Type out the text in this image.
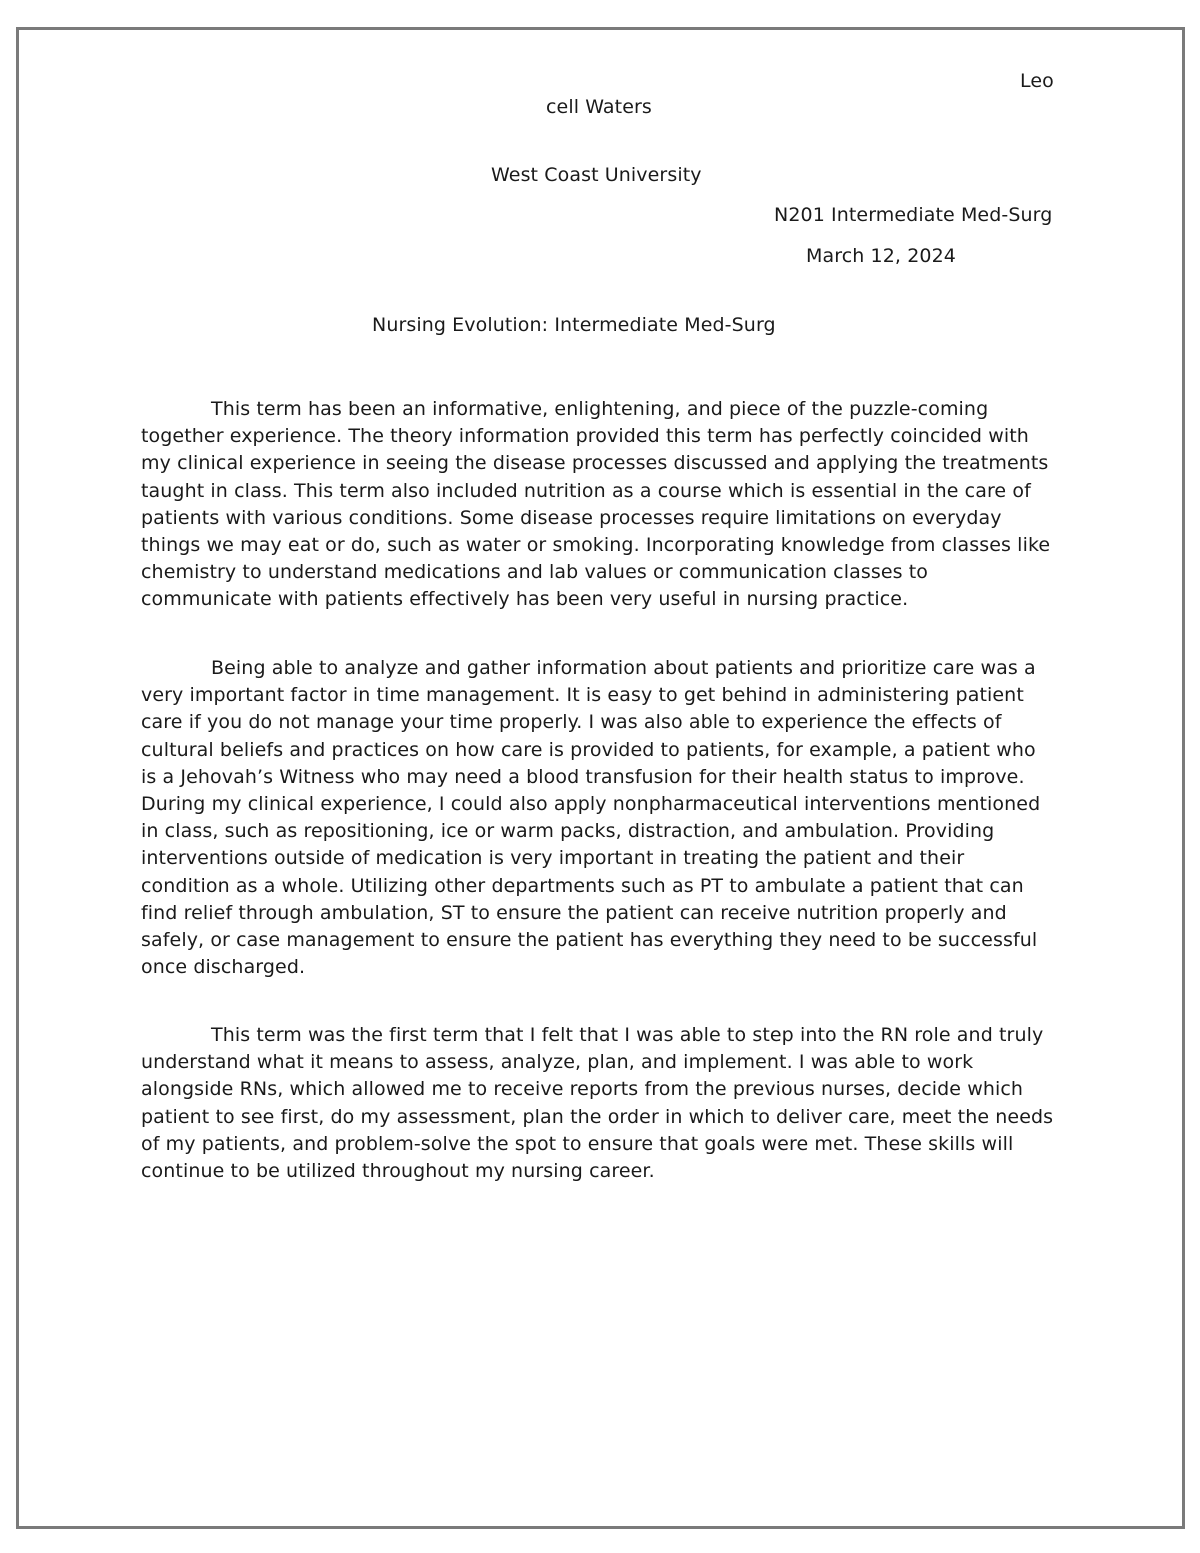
Leo
cell Waters
West Coast University
N201 Intermediate Med-Surg
March 12, 2024
Nursing Evolution: Intermediate Med-Surg

This term has been an informative, enlightening, and piece of the puzzle-coming together experience. The theory information provided this term has perfectly coincided with my clinical experience in seeing the disease processes discussed and applying the treatments taught in class. This term also included nutrition as a course which is essential in the care of patients with various conditions. Some disease processes require limitations on everyday things we may eat or do, such as water or smoking. Incorporating knowledge from classes like chemistry to understand medications and lab values or communication classes to communicate with patients effectively has been very useful in nursing practice.

Being able to analyze and gather information about patients and prioritize care was a very important factor in time management. It is easy to get behind in administering patient care if you do not manage your time properly. I was also able to experience the effects of cultural beliefs and practices on how care is provided to patients, for example, a patient who is a Jehovah’s Witness who may need a blood transfusion for their health status to improve. During my clinical experience, I could also apply nonpharmaceutical interventions mentioned in class, such as repositioning, ice or warm packs, distraction, and ambulation. Providing interventions outside of medication is very important in treating the patient and their condition as a whole. Utilizing other departments such as PT to ambulate a patient that can find relief through ambulation, ST to ensure the patient can receive nutrition properly and safely, or case management to ensure the patient has everything they need to be successful once discharged.

This term was the first term that I felt that I was able to step into the RN role and truly understand what it means to assess, analyze, plan, and implement. I was able to work alongside RNs, which allowed me to receive reports from the previous nurses, decide which patient to see first, do my assessment, plan the order in which to deliver care, meet the needs of my patients, and problem-solve the spot to ensure that goals were met. These skills will continue to be utilized throughout my nursing career.
